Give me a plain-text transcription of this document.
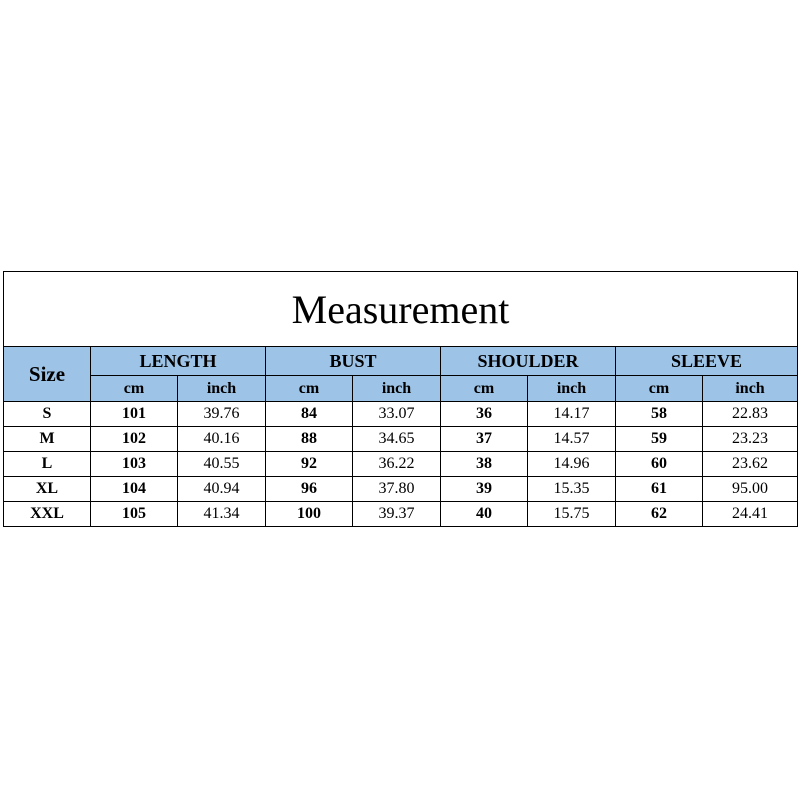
Measurement								
Size	LENGTH		BUST		SHOULDER		SLEEVE	
	cm	inch	cm	inch	cm	inch	cm	inch
S	101	39.76	84	33.07	36	14.17	58	22.83
M	102	40.16	88	34.65	37	14.57	59	23.23
L	103	40.55	92	36.22	38	14.96	60	23.62
XL	104	40.94	96	37.80	39	15.35	61	95.00
XXL	105	41.34	100	39.37	40	15.75	62	24.41
